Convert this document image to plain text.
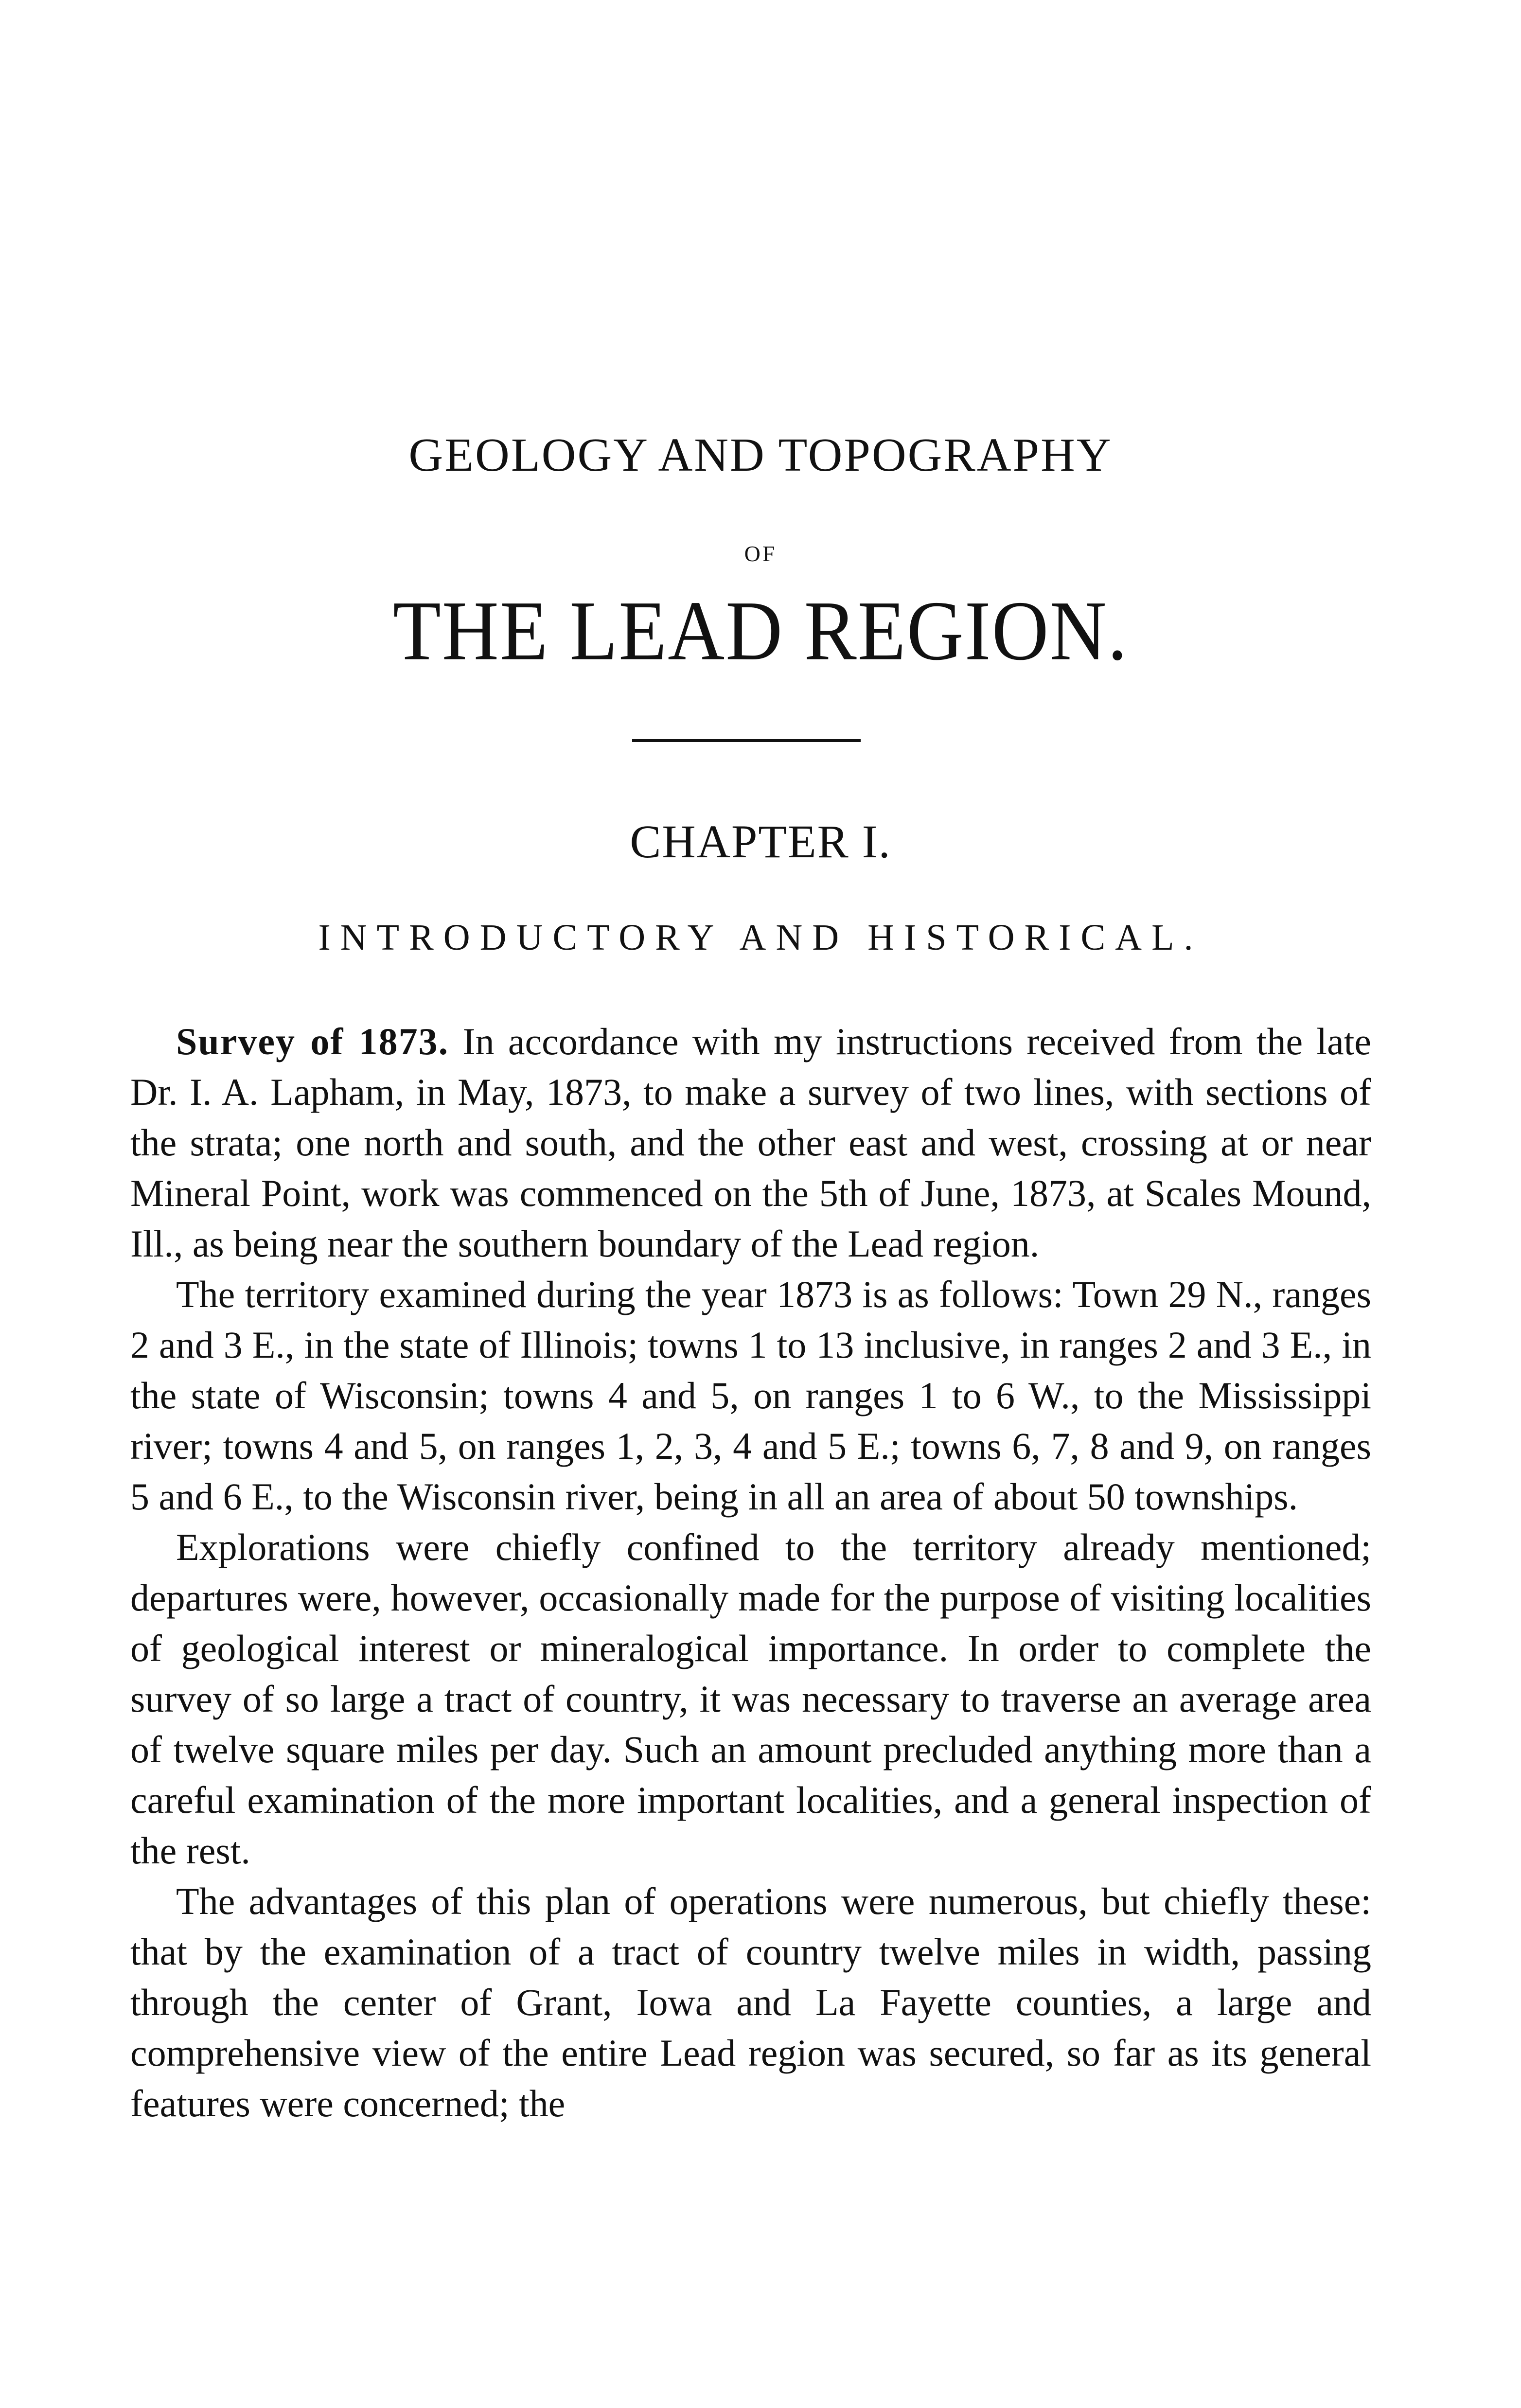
GEOLOGY AND TOPOGRAPHY
OF
THE LEAD REGION.
CHAPTER I.
INTRODUCTORY AND HISTORICAL.

Survey of 1873. In accordance with my instructions received from the late Dr. I. A. Lapham, in May, 1873, to make a survey of two lines, with sections of the strata; one north and south, and the other east and west, crossing at or near Mineral Point, work was commenced on the 5th of June, 1873, at Scales Mound, Ill., as being near the southern boundary of the Lead region.

The territory examined during the year 1873 is as follows: Town 29 N., ranges 2 and 3 E., in the state of Illinois; towns 1 to 13 inclusive, in ranges 2 and 3 E., in the state of Wisconsin; towns 4 and 5, on ranges 1 to 6 W., to the Mississippi river; towns 4 and 5, on ranges 1, 2, 3, 4 and 5 E.; towns 6, 7, 8 and 9, on ranges 5 and 6 E., to the Wisconsin river, being in all an area of about 50 townships.

Explorations were chiefly confined to the territory already mentioned; departures were, however, occasionally made for the purpose of visiting localities of geological interest or mineralogical importance. In order to complete the survey of so large a tract of country, it was necessary to traverse an average area of twelve square miles per day. Such an amount precluded anything more than a careful examination of the more important localities, and a general inspection of the rest.

The advantages of this plan of operations were numerous, but chiefly these: that by the examination of a tract of country twelve miles in width, passing through the center of Grant, Iowa and La Fayette counties, a large and comprehensive view of the entire Lead region was secured, so far as its general features were concerned; the
